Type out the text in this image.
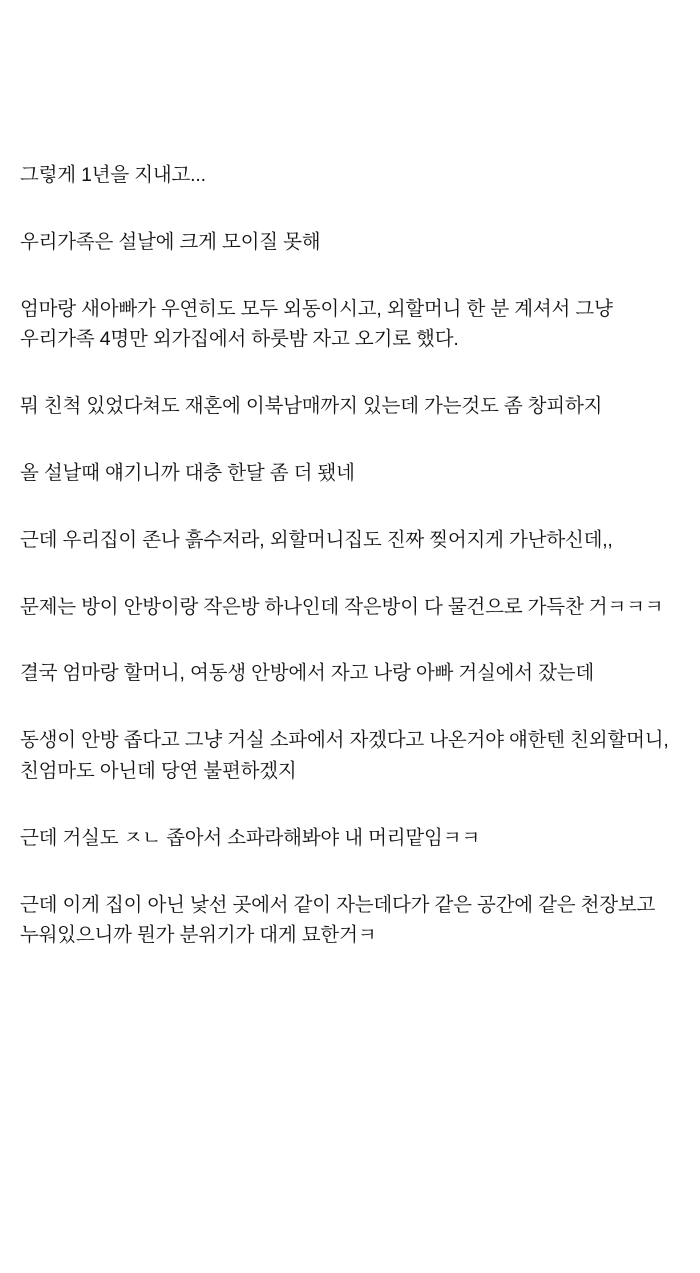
그렇게 1년을 지내고...

우리가족은 설날에 크게 모이질 못해

엄마랑 새아빠가 우연히도 모두 외동이시고, 외할머니 한 분 계셔서 그냥 우리가족 4명만 외가집에서 하룻밤 자고 오기로 했다.

뭐 친척 있었다쳐도 재혼에 이북남매까지 있는데 가는것도 좀 창피하지

올 설날때 얘기니까 대충 한달 좀 더 됐네

근데 우리집이 존나 흙수저라, 외할머니집도 진짜 찢어지게 가난하신데,,

문제는 방이 안방이랑 작은방 하나인데 작은방이 다 물건으로 가득찬 거ㅋㅋㅋ

결국 엄마랑 할머니, 여동생 안방에서 자고 나랑 아빠 거실에서 잤는데

동생이 안방 좁다고 그냥 거실 소파에서 자겠다고 나온거야 얘한텐 친외할머니, 친엄마도 아닌데 당연 불편하겠지

근데 거실도 ㅈㄴ 좁아서 소파라해봐야 내 머리맡임ㅋㅋ

근데 이게 집이 아닌 낯선 곳에서 같이 자는데다가 같은 공간에 같은 천장보고 누워있으니까 뭔가 분위기가 대게 묘한거ㅋ
